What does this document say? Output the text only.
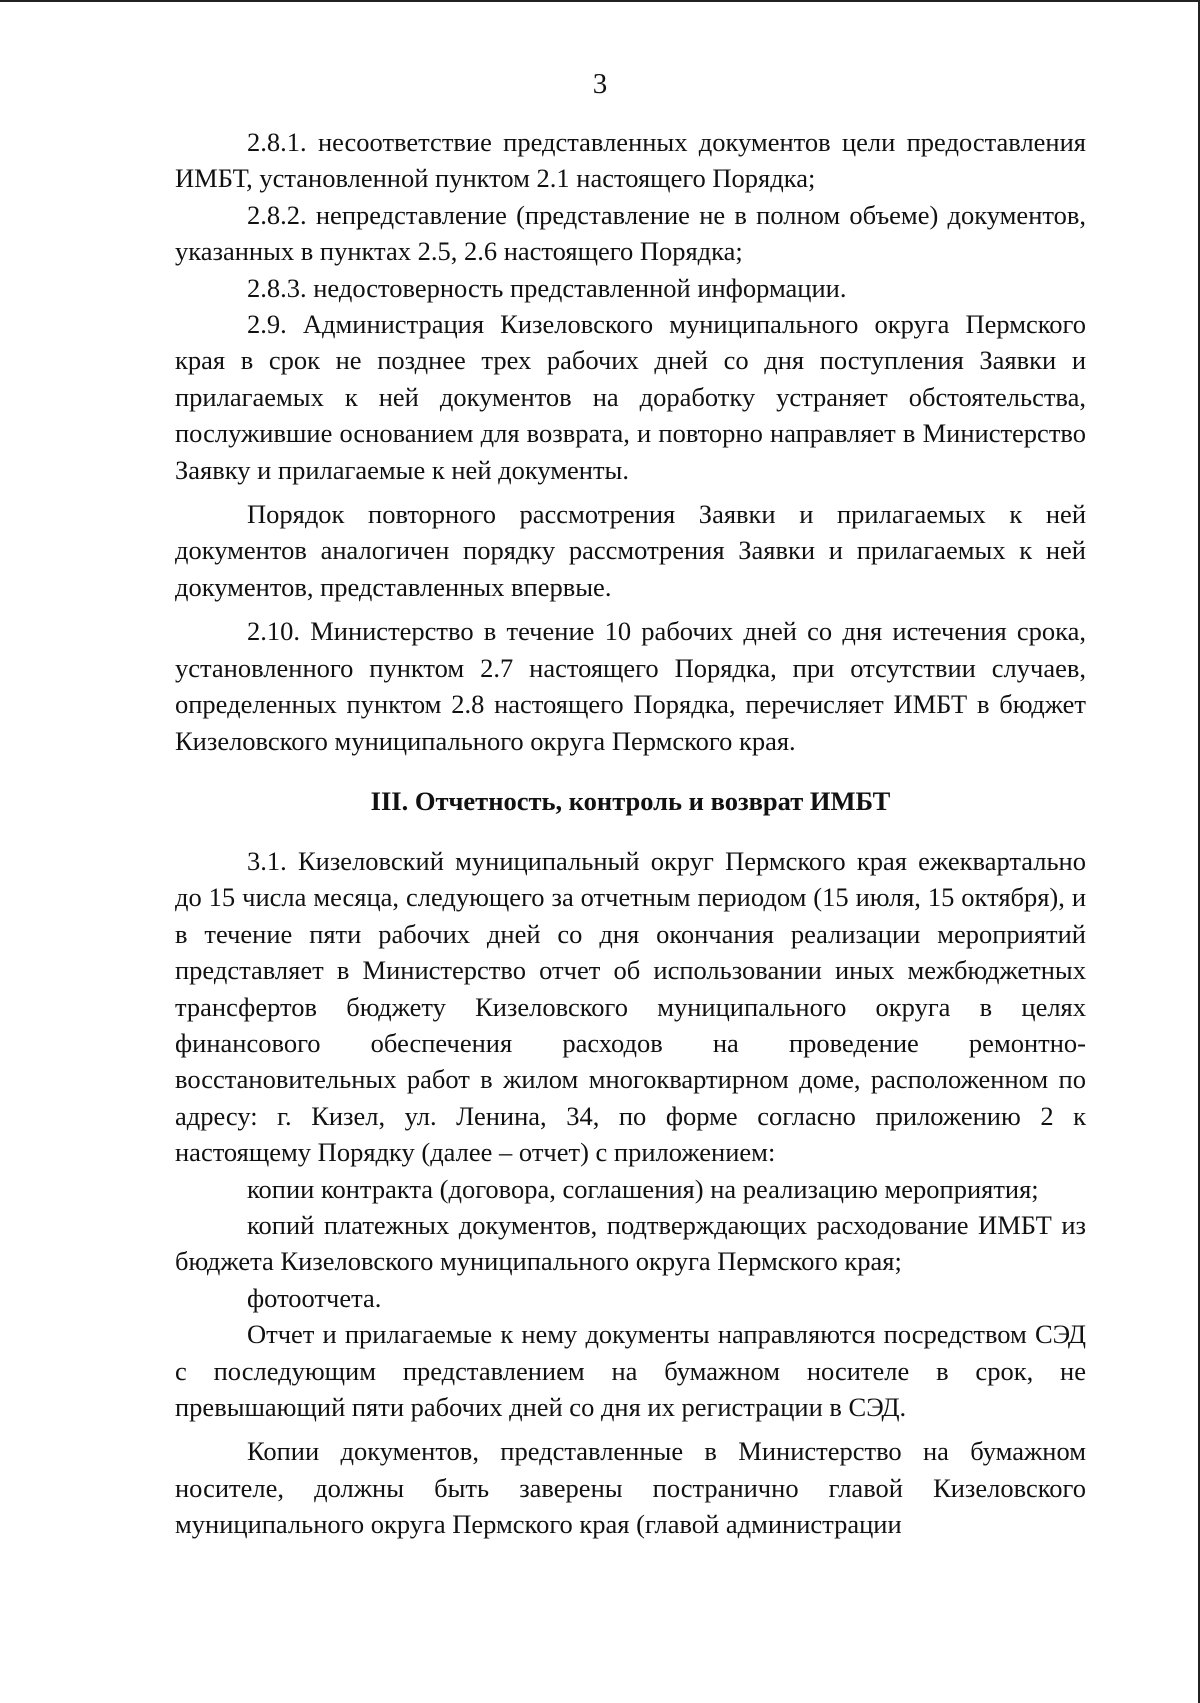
3

2.8.1. несоответствие представленных документов цели предоставления ИМБТ, установленной пунктом 2.1 настоящего Порядка;

2.8.2. непредставление (представление не в полном объеме) документов, указанных в пунктах 2.5, 2.6 настоящего Порядка;

2.8.3. недостоверность представленной информации.

2.9. Администрация Кизеловского муниципального округа Пермского края в срок не позднее трех рабочих дней со дня поступления Заявки и прилагаемых к ней документов на доработку устраняет обстоятельства, послужившие основанием для возврата, и повторно направляет в Министерство Заявку и прилагаемые к ней документы.

Порядок повторного рассмотрения Заявки и прилагаемых к ней документов аналогичен порядку рассмотрения Заявки и прилагаемых к ней документов, представленных впервые.

2.10. Министерство в течение 10 рабочих дней со дня истечения срока, установленного пунктом 2.7 настоящего Порядка, при отсутствии случаев, определенных пунктом 2.8 настоящего Порядка, перечисляет ИМБТ в бюджет Кизеловского муниципального округа Пермского края.

III. Отчетность, контроль и возврат ИМБТ

3.1. Кизеловский муниципальный округ Пермского края ежеквартально до 15 числа месяца, следующего за отчетным периодом (15 июля, 15 октября), и в течение пяти рабочих дней со дня окончания реализации мероприятий представляет в Министерство отчет об использовании иных межбюджетных трансфертов бюджету Кизеловского муниципального округа в целях финансового обеспечения расходов на проведение ремонтно-восстановительных работ в жилом многоквартирном доме, расположенном по адресу: г. Кизел, ул. Ленина, 34, по форме согласно приложению 2 к настоящему Порядку (далее – отчет) с приложением:

копии контракта (договора, соглашения) на реализацию мероприятия;

копий платежных документов, подтверждающих расходование ИМБТ из бюджета Кизеловского муниципального округа Пермского края;

фотоотчета.

Отчет и прилагаемые к нему документы направляются посредством СЭД с последующим представлением на бумажном носителе в срок, не превышающий пяти рабочих дней со дня их регистрации в СЭД.

Копии документов, представленные в Министерство на бумажном носителе, должны быть заверены постранично главой Кизеловского муниципального округа Пермского края (главой администрации
